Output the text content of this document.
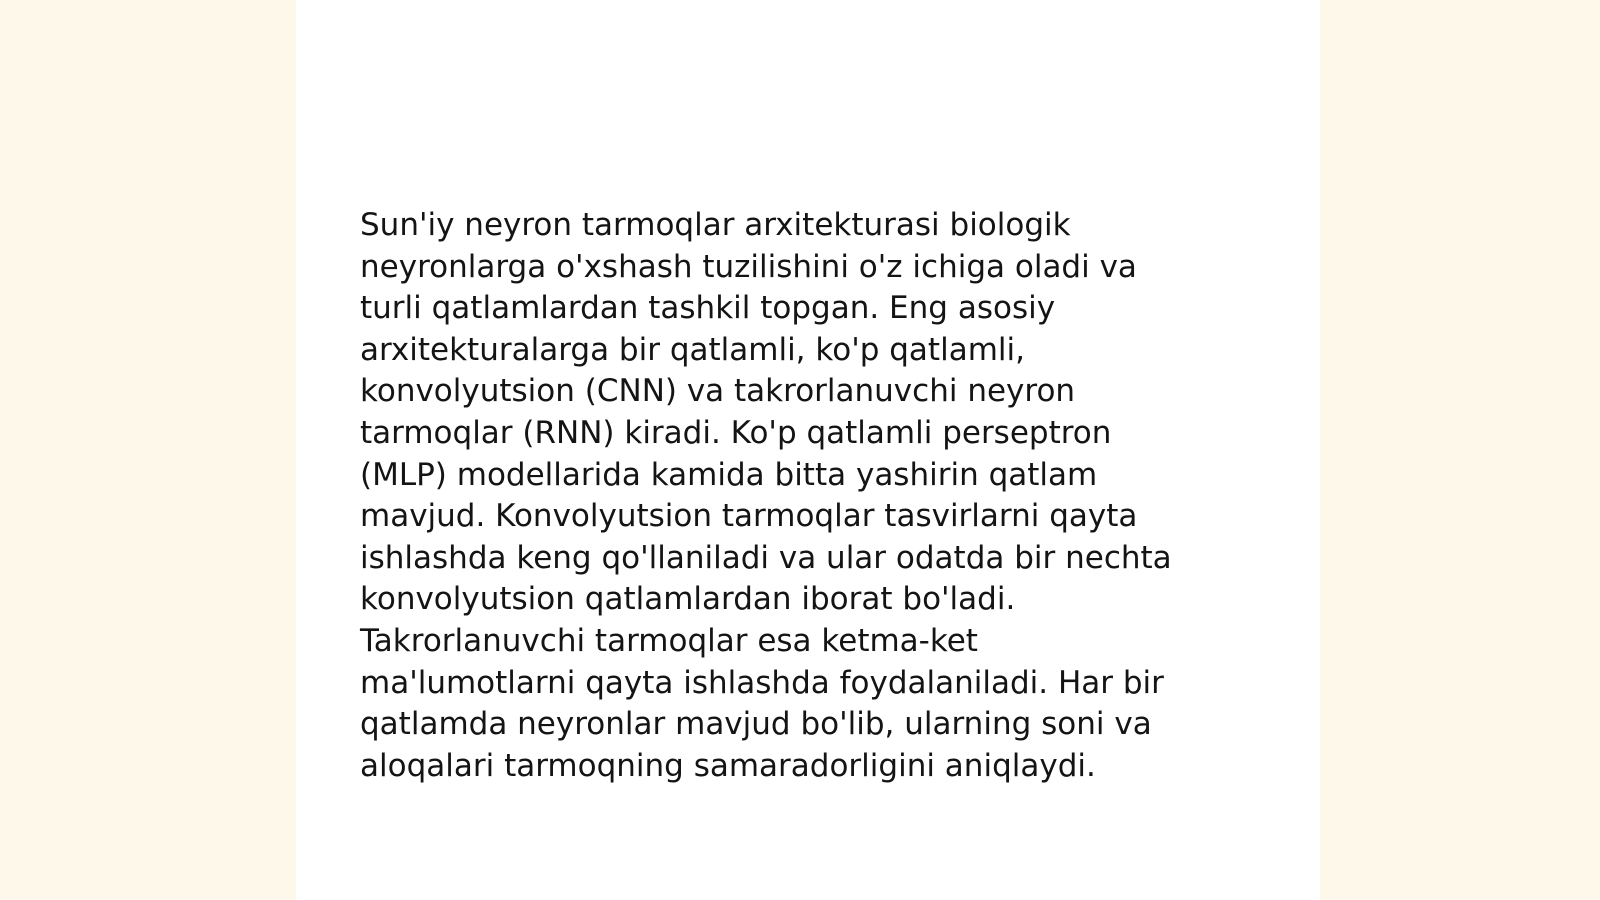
Sun'iy neyron tarmoqlar arxitekturasi biologik
neyronlarga o'xshash tuzilishini o'z ichiga oladi va
turli qatlamlardan tashkil topgan. Eng asosiy
arxitekturalarga bir qatlamli, ko'p qatlamli,
konvolyutsion (CNN) va takrorlanuvchi neyron
tarmoqlar (RNN) kiradi. Ko'p qatlamli perseptron
(MLP) modellarida kamida bitta yashirin qatlam
mavjud. Konvolyutsion tarmoqlar tasvirlarni qayta
ishlashda keng qo'llaniladi va ular odatda bir nechta
konvolyutsion qatlamlardan iborat bo'ladi.
Takrorlanuvchi tarmoqlar esa ketma-ket
ma'lumotlarni qayta ishlashda foydalaniladi. Har bir
qatlamda neyronlar mavjud bo'lib, ularning soni va
aloqalari tarmoqning samaradorligini aniqlaydi.
